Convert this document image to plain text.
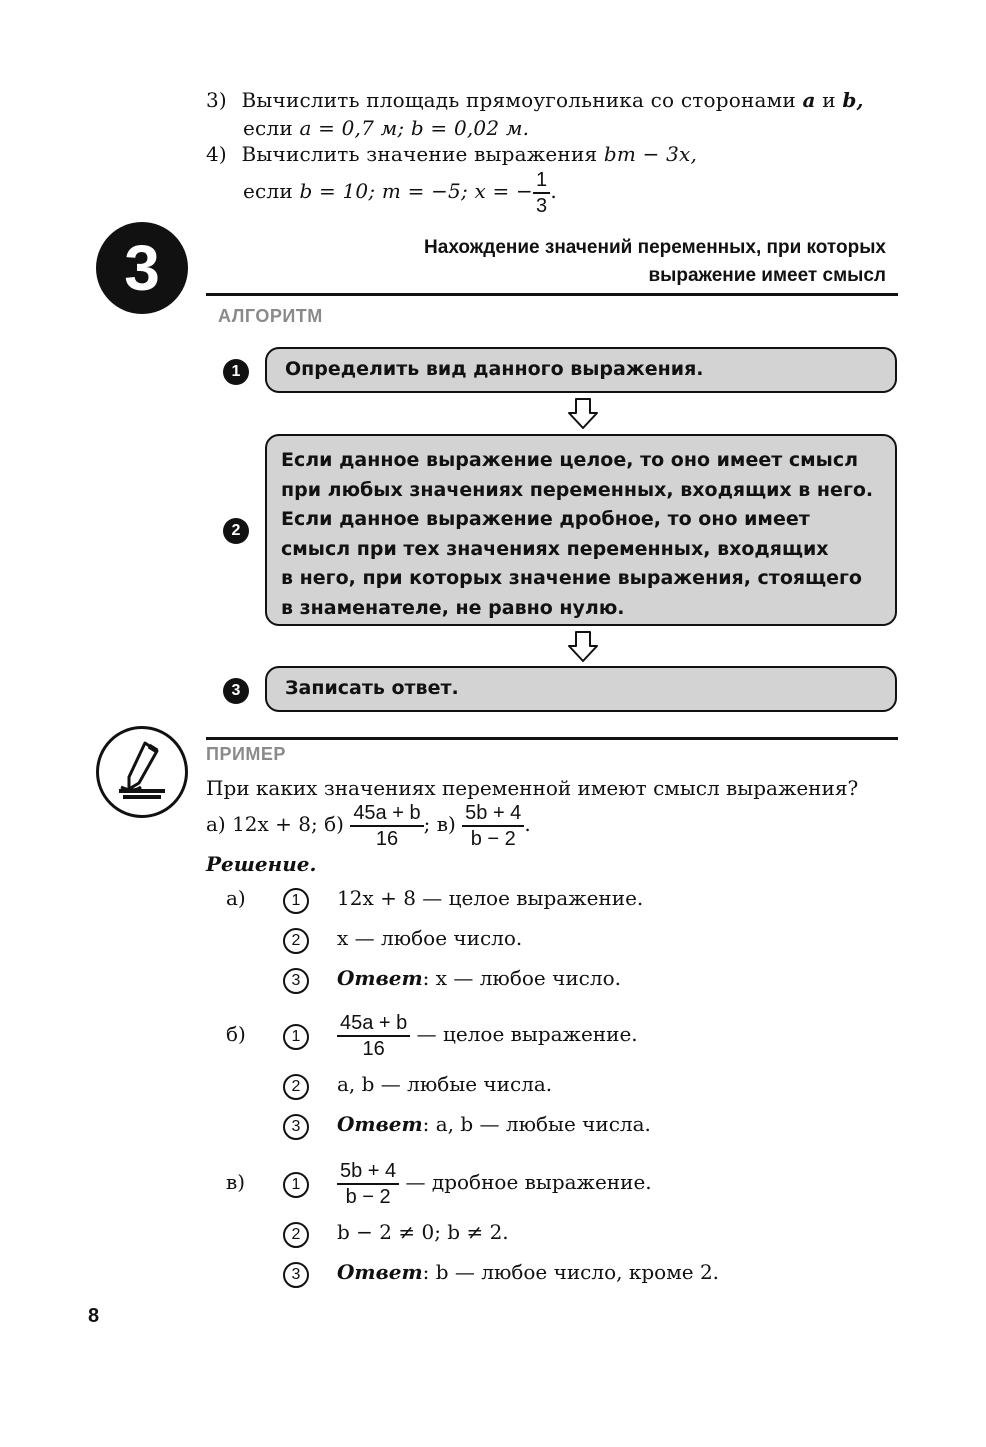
3) Вычислить площадь прямоугольника со сторонами a и b,
если a = 0,7 м; b = 0,02 м.
4) Вычислить значение выражения bm − 3x,
если b = 10; m = −5; x = − $\frac{1}{3}$ .
3	Нахождение значений переменных, при которых
выражение имеет смысл
АЛГОРИТМ
1	Определить вид данного выражения.
2
Если данное выражение целое, то оно имеет смысл
при любых значениях переменных, входящих в него.
Если данное выражение дробное, то оно имеет
смысл при тех значениях переменных, входящих
в него, при которых значение выражения, стоящего
в знаменателе, не равно нулю.
3	Записать ответ.
ПРИМЕР
При каких значениях переменной имеют смысл выражения?
а) 12x + 8; $б) \frac{45a + b}{16}$ ; $в) \frac{5b + 4}{b - 2}$ .
Решение.
а)	1	12x + 8 — целое выражение.
2	x — любое число.
3	Ответ: x — любое число.
б)	1	$\frac{45a + b}{16}$ — целое выражение.
2	a, b — любые числа.
3	Ответ: a, b — любые числа.
в)	1	$\frac{5b + 4}{b - 2}$ — дробное выражение.
2	b − 2 ≠ 0; b ≠ 2.
3	Ответ: b — любое число, кроме 2.
8
